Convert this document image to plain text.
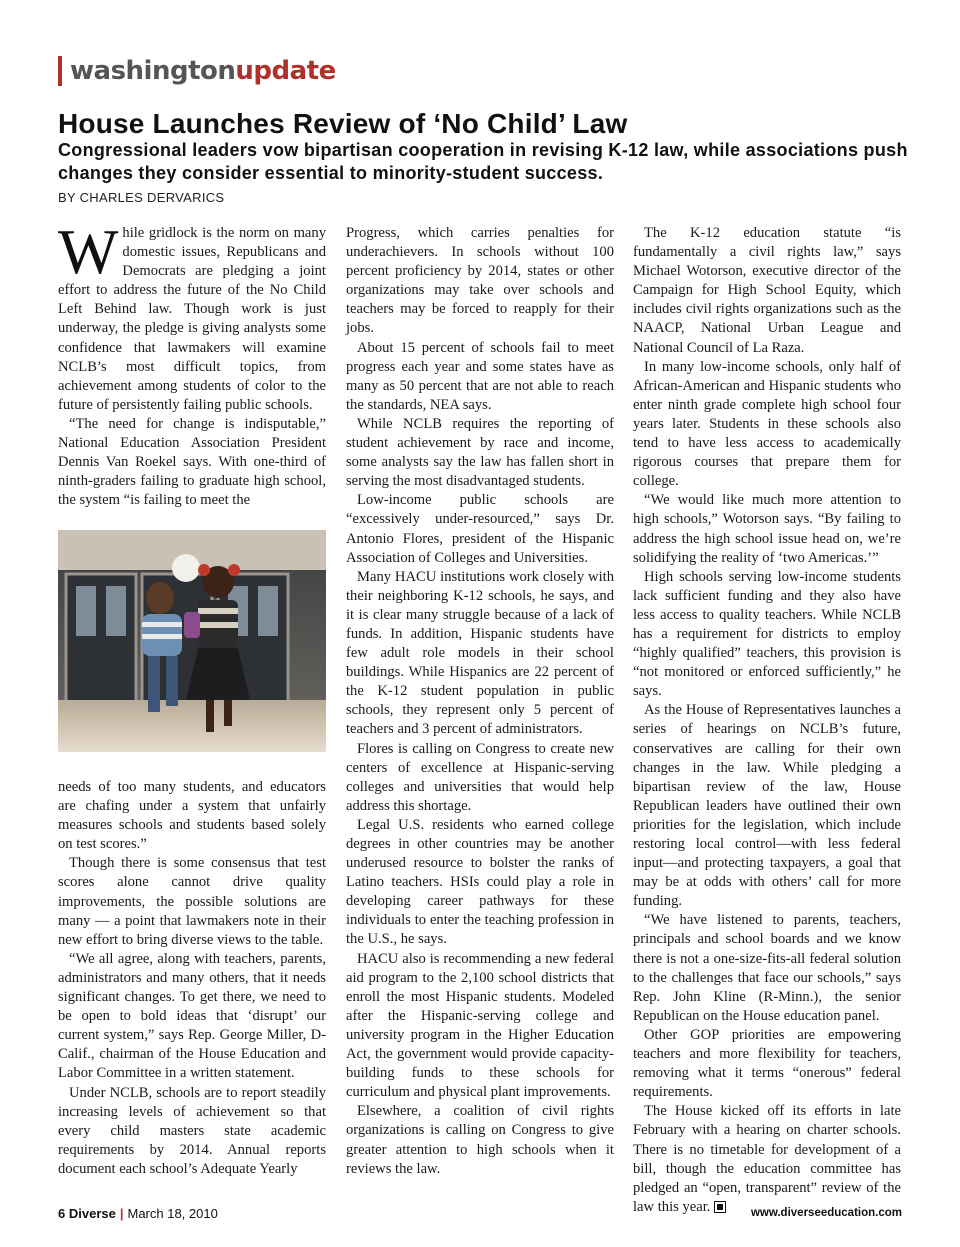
washington update
House Launches Review of ‘No Child’ Law
Congressional leaders vow bipartisan cooperation in revising K-12 law, while associations push changes they consider essential to minority-student success.
BY CHARLES DERVARICS

While gridlock is the norm on many domestic issues, Republicans and Democrats are pledging a joint effort to address the future of the No Child Left Behind law. Though work is just underway, the pledge is giving analysts some confidence that lawmakers will examine NCLB’s most difficult topics, from achievement among students of color to the future of persistently failing public schools.

“The need for change is indisputable,” National Education Association President Dennis Van Roekel says. With one-third of ninth-graders failing to graduate high school, the system “is failing to meet the

needs of too many students, and educators are chafing under a system that unfairly measures schools and students based solely on test scores.”

Though there is some consensus that test scores alone cannot drive quality improvements, the possible solutions are many — a point that lawmakers note in their new effort to bring diverse views to the table.

“We all agree, along with teachers, parents, administrators and many others, that it needs significant changes. To get there, we need to be open to bold ideas that ‘disrupt’ our current system,” says Rep. George Miller, D-Calif., chairman of the House Education and Labor Committee in a written statement.

Under NCLB, schools are to report steadily increasing levels of achievement so that every child masters state academic requirements by 2014. Annual reports document each school’s Adequate Yearly

Progress, which carries penalties for underachievers. In schools without 100 percent proficiency by 2014, states or other organizations may take over schools and teachers may be forced to reapply for their jobs.

About 15 percent of schools fail to meet progress each year and some states have as many as 50 percent that are not able to reach the standards, NEA says.

While NCLB requires the reporting of student achievement by race and income, some analysts say the law has fallen short in serving the most disadvantaged students.

Low-income public schools are “excessively under-resourced,” says Dr. Antonio Flores, president of the Hispanic Association of Colleges and Universities.

Many HACU institutions work closely with their neighboring K-12 schools, he says, and it is clear many struggle because of a lack of funds. In addition, Hispanic students have few adult role models in their school buildings. While Hispanics are 22 percent of the K-12 student population in public schools, they represent only 5 percent of teachers and 3 percent of administrators.

Flores is calling on Congress to create new centers of excellence at Hispanic-serving colleges and universities that would help address this shortage.

Legal U.S. residents who earned college degrees in other countries may be another underused resource to bolster the ranks of Latino teachers. HSIs could play a role in developing career pathways for these individuals to enter the teaching profession in the U.S., he says.

HACU also is recommending a new federal aid program to the 2,100 school districts that enroll the most Hispanic students. Modeled after the Hispanic-serving college and university program in the Higher Education Act, the government would provide capacity-building funds to these schools for curriculum and physical plant improvements.

Elsewhere, a coalition of civil rights organizations is calling on Congress to give greater attention to high schools when it reviews the law.

The K-12 education statute “is fundamentally a civil rights law,” says Michael Wotorson, executive director of the Campaign for High School Equity, which includes civil rights organizations such as the NAACP, National Urban League and National Council of La Raza.

In many low-income schools, only half of African-American and Hispanic students who enter ninth grade complete high school four years later. Students in these schools also tend to have less access to academically rigorous courses that prepare them for college.

“We would like much more attention to high schools,” Wotorson says. “By failing to address the high school issue head on, we’re solidifying the reality of ‘two Americas.’”

High schools serving low-income students lack sufficient funding and they also have less access to quality teachers. While NCLB has a requirement for districts to employ “highly qualified” teachers, this provision is “not monitored or enforced sufficiently,” he says.

As the House of Representatives launches a series of hearings on NCLB’s future, conservatives are calling for their own changes in the law. While pledging a bipartisan review of the law, House Republican leaders have outlined their own priorities for the legislation, which include restoring local control—with less federal input—and protecting taxpayers, a goal that may be at odds with others’ call for more funding.

“We have listened to parents, teachers, principals and school boards and we know there is not a one-size-fits-all federal solution to the challenges that face our schools,” says Rep. John Kline (R-Minn.), the senior Republican on the House education panel.

Other GOP priorities are empowering teachers and more flexibility for teachers, removing what it terms “onerous” federal requirements.

The House kicked off its efforts in late February with a hearing on charter schools. There is no timetable for development of a bill, though the education committee has pledged an “open, transparent” review of the law this year.

6 Diverse | March 18, 2010	www.diverseeducation.com
